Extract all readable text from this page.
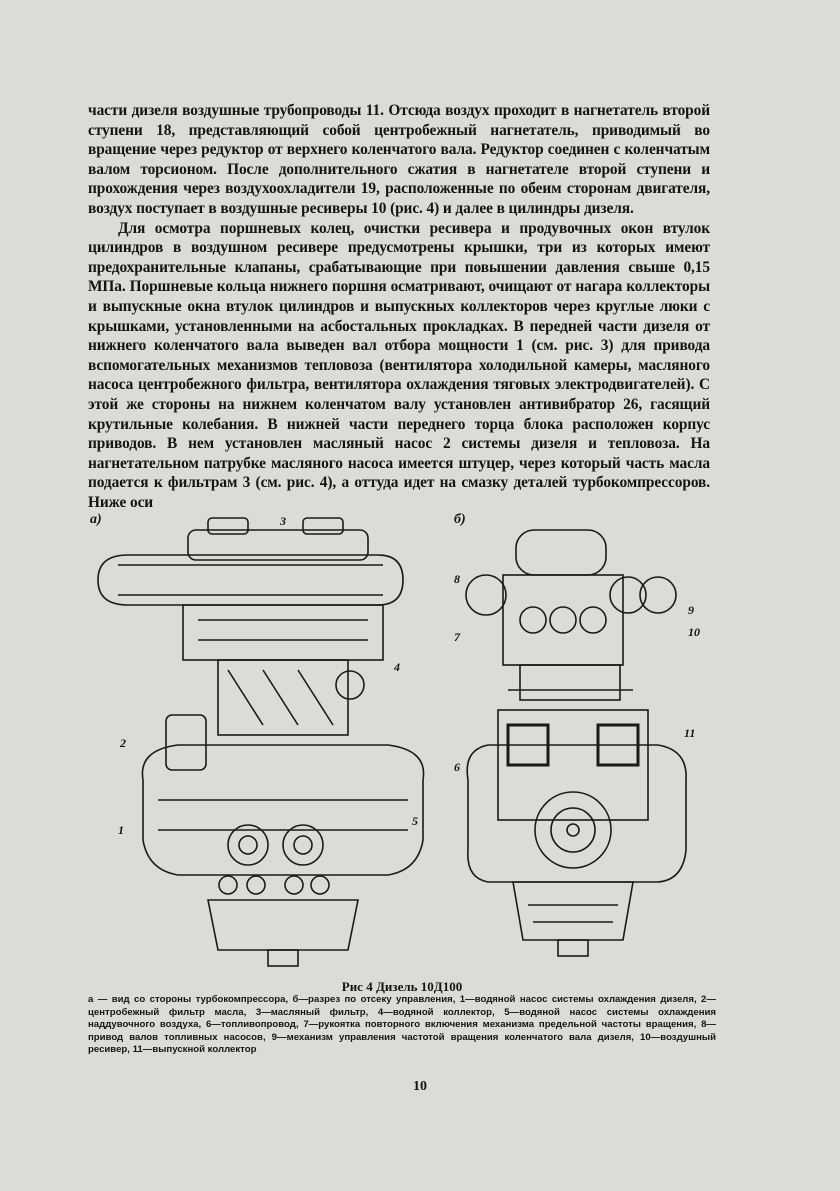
части дизеля воздушные трубопроводы 11. Отсюда воздух проходит в нагнетатель второй ступени 18, представляющий собой центробежный нагнетатель, приводимый во вращение через редуктор от верхнего коленчатого вала. Редуктор соединен с коленчатым валом торсионом. После дополнительного сжатия в нагнетателе второй ступени и прохождения через воздухоохладители 19, расположенные по обеим сторонам двигателя, воздух поступает в воздушные ресиверы 10 (рис. 4) и далее в цилиндры дизеля.

Для осмотра поршневых колец, очистки ресивера и продувочных окон втулок цилиндров в воздушном ресивере предусмотрены крышки, три из которых имеют предохранительные клапаны, срабатывающие при повышении давления свыше 0,15 МПа. Поршневые кольца нижнего поршня осматривают, очищают от нагара коллекторы и выпускные окна втулок цилиндров и выпускных коллекторов через круглые люки с крышками, установленными на асбостальных прокладках. В передней части дизеля от нижнего коленчатого вала выведен вал отбора мощности 1 (см. рис. 3) для привода вспомогательных механизмов тепловоза (вентилятора холодильной камеры, масляного насоса центробежного фильтра, вентилятора охлаждения тяговых электродвигателей). С этой же стороны на нижнем коленчатом валу установлен антивибратор 26, гасящий крутильные колебания. В нижней части переднего торца блока расположен корпус приводов. В нем установлен масляный насос 2 системы дизеля и тепловоза. На нагнетательном патрубке масляного насоса имеется штуцер, через который часть масла подается к фильтрам 3 (см. рис. 4), а оттуда идет на смазку деталей турбокомпрессоров. Ниже оси

а)	б)
1
2
3
4
5
6
7
8
9
10
11
Рис 4 Дизель 10Д100
а — вид со стороны турбокомпрессора, б—разрез по отсеку управления, 1—водяной насос системы охлаждения дизеля, 2—центробежный фильтр масла, 3—масляный фильтр, 4—водяной коллектор, 5—водяной насос системы охлаждения наддувочного воздуха, 6—топливопровод, 7—рукоятка повторного включения механизма предельной частоты вращения, 8—привод валов топливных насосов, 9—механизм управления частотой вращения коленчатого вала дизеля, 10—воздушный ресивер, 11—выпускной коллектор
10
